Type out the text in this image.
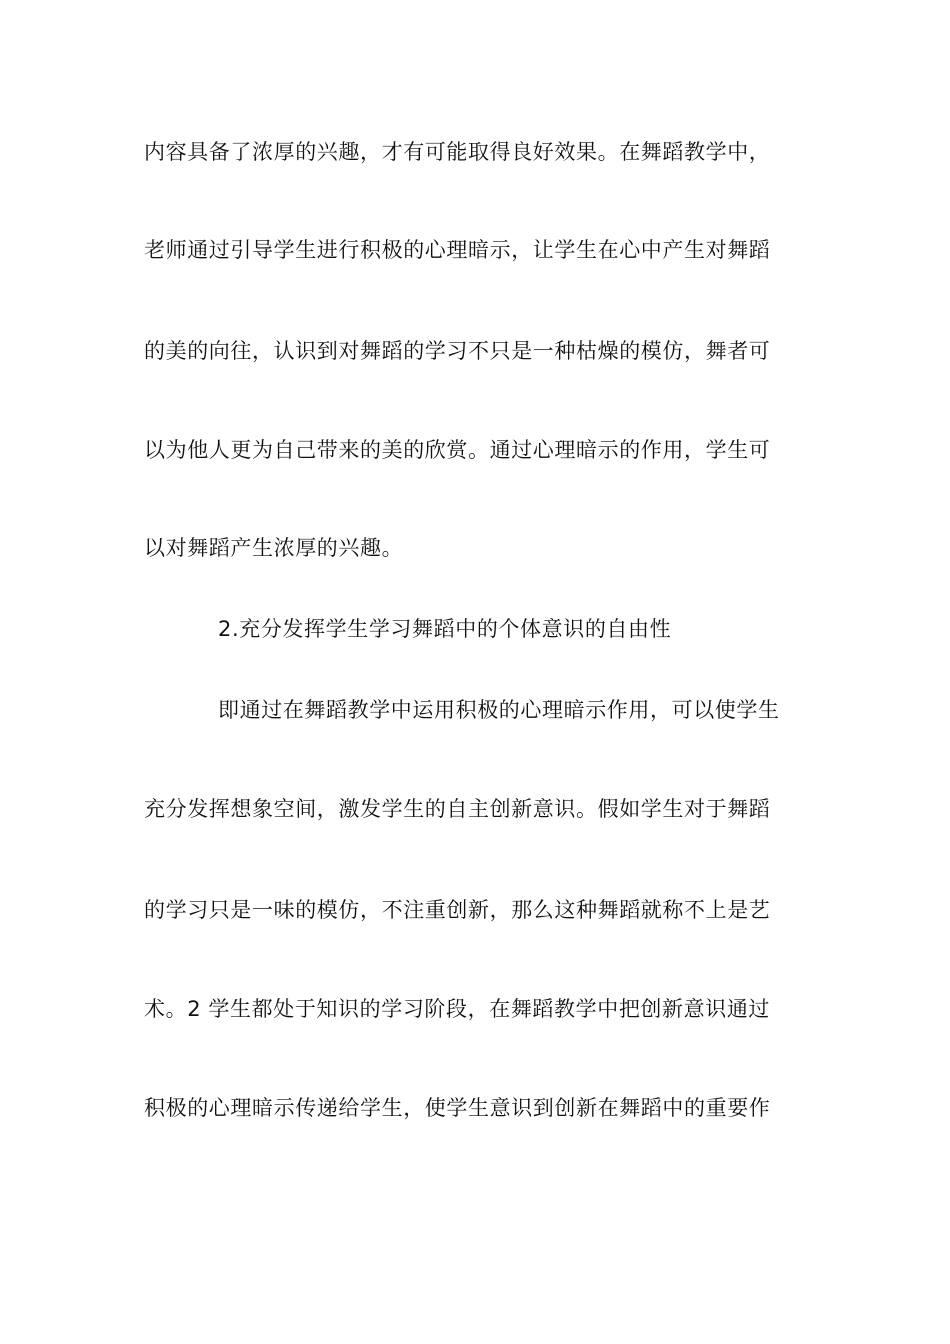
内容具备了浓厚的兴趣，才有可能取得良好效果。在舞蹈教学中，
老师通过引导学生进行积极的心理暗示，让学生在心中产生对舞蹈
的美的向往，认识到对舞蹈的学习不只是一种枯燥的模仿，舞者可
以为他人更为自己带来的美的欣赏。通过心理暗示的作用，学生可
以对舞蹈产生浓厚的兴趣。
2.充分发挥学生学习舞蹈中的个体意识的自由性
即通过在舞蹈教学中运用积极的心理暗示作用，可以使学生
充分发挥想象空间，激发学生的自主创新意识。假如学生对于舞蹈
的学习只是一味的模仿，不注重创新，那么这种舞蹈就称不上是艺
术。2 学生都处于知识的学习阶段，在舞蹈教学中把创新意识通过
积极的心理暗示传递给学生，使学生意识到创新在舞蹈中的重要作
